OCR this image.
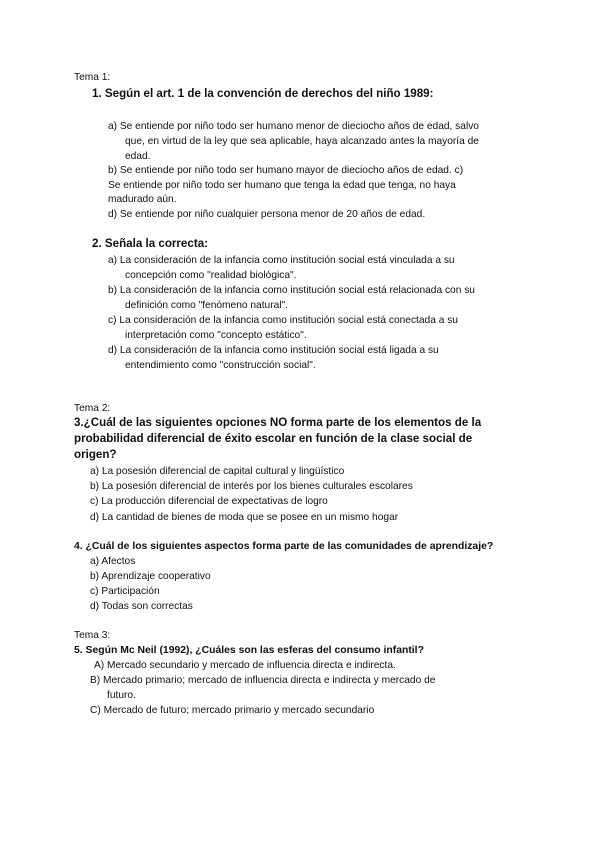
Tema 1:
1. Según el art. 1 de la convención de derechos del niño 1989:
a) Se entiende por niño todo ser humano menor de dieciocho años de edad, salvo
que, en virtud de la ley que sea aplicable, haya alcanzado antes la mayoría de
edad.
b) Se entiende por niño todo ser humano mayor de dieciocho años de edad. c)
Se entiende por niño todo ser humano que tenga la edad que tenga, no haya
madurado aún.
d) Se entiende por niño cualquier persona menor de 20 años de edad.
2. Señala la correcta:
a) La consideración de la infancia como institución social está vinculada a su
concepción como "realidad biológica".
b) La consideración de la infancia como institución social está relacionada con su
definición como "fenómeno natural".
c) La consideración de la infancia como institución social está conectada a su
interpretación como "concepto estático".
d) La consideración de la infancia como institución social está ligada a su
entendimiento como "construcción social".
Tema 2:
3.¿Cuál de las siguientes opciones NO forma parte de los elementos de la
probabilidad diferencial de éxito escolar en función de la clase social de
origen?
a) La posesión diferencial de capital cultural y lingüístico
b) La posesión diferencial de interés por los bienes culturales escolares
c) La producción diferencial de expectativas de logro
d) La cantidad de bienes de moda que se posee en un mismo hogar
4. ¿Cuál de los siguientes aspectos forma parte de las comunidades de aprendizaje?
a) Afectos
b) Aprendizaje cooperativo
c) Participación
d) Todas son correctas
Tema 3:
5. Según Mc Neil (1992), ¿Cuáles son las esferas del consumo infantil?
A) Mercado secundario y mercado de influencia directa e indirecta.
B) Mercado primario; mercado de influencia directa e indirecta y mercado de
futuro.
C) Mercado de futuro; mercado primario y mercado secundario
